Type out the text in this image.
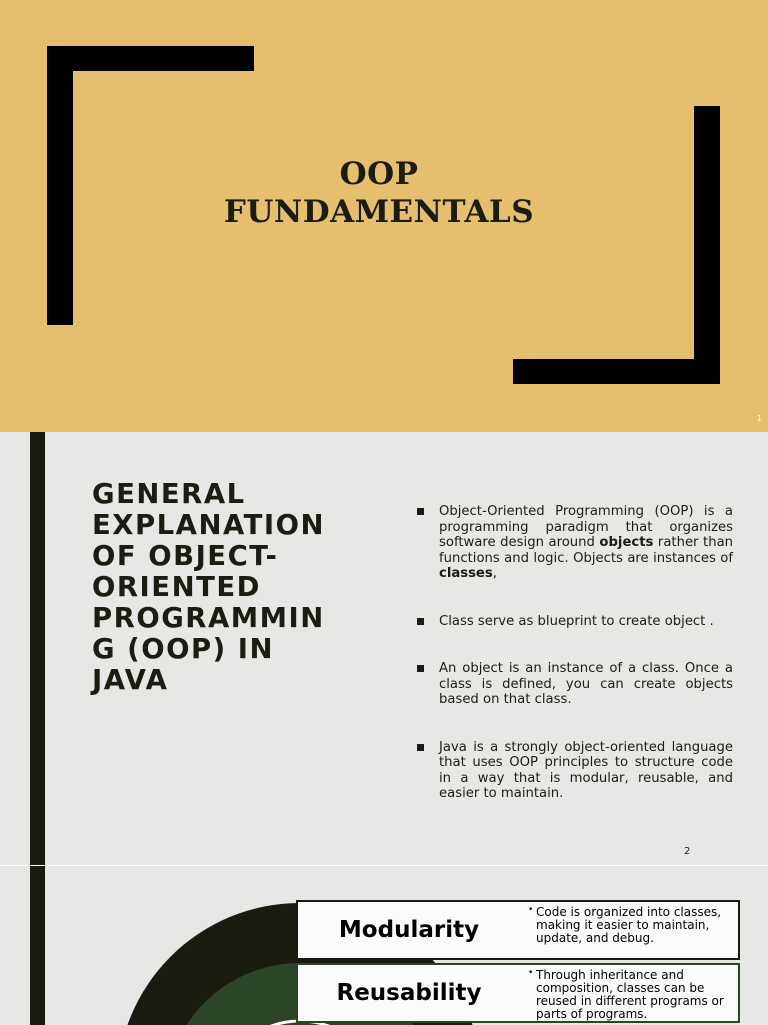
OOP
FUNDAMENTALS
1
GENERAL
EXPLANATION
OF OBJECT-
ORIENTED
PROGRAMMIN
G (OOP) IN
JAVA
Object-Oriented Programming (OOP) is a programming paradigm that organizes software design around objects rather than functions and logic. Objects are instances of classes,
Class serve as blueprint to create object .
An object is an instance of a class. Once a class is defined, you can create objects based on that class.
Java is a strongly object-oriented language that uses OOP principles to structure code in a way that is modular, reusable, and easier to maintain.
2
Modularity
• Code is organized into classes, making it easier to maintain, update, and debug.
Reusability
• Through inheritance and composition, classes can be reused in different programs or parts of programs.
